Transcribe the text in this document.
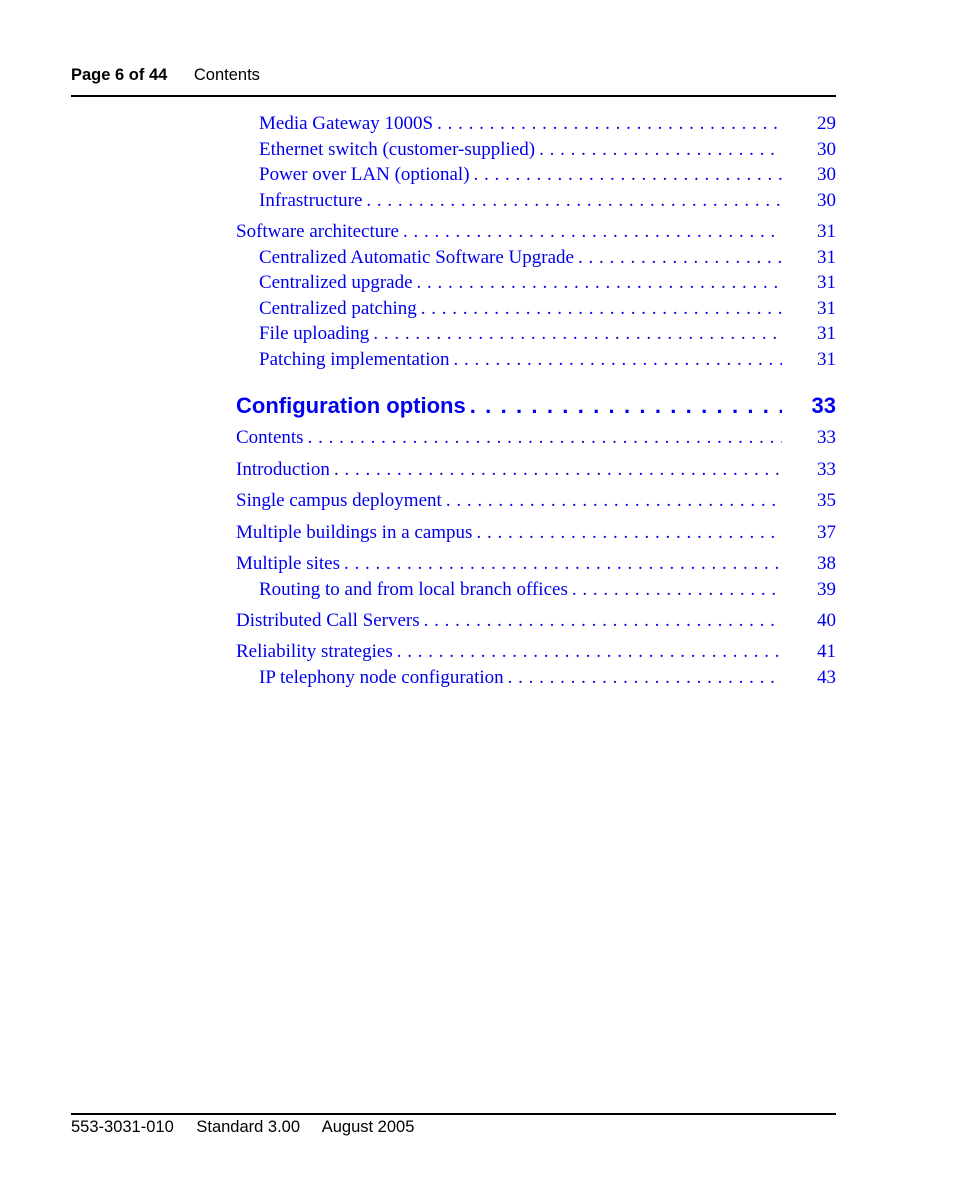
Page 6 of 44 Contents
Media Gateway 1000S . . .	29
Ethernet switch (customer-supplied) . . .	30
Power over LAN (optional) . . .	30
Infrastructure . . .	30
Software architecture . . .	31
Centralized Automatic Software Upgrade . . .	31
Centralized upgrade . . .	31
Centralized patching . . .	31
File uploading . . .	31
Patching implementation . . .	31
Configuration options . . .	33
Contents . . .	33
Introduction . . .	33
Single campus deployment . . .	35
Multiple buildings in a campus . . .	37
Multiple sites . . .	38
Routing to and from local branch offices . . .	39
Distributed Call Servers . . .	40
Reliability strategies . . .	41
IP telephony node configuration . . .	43
553-3031-010 Standard 3.00 August 2005
